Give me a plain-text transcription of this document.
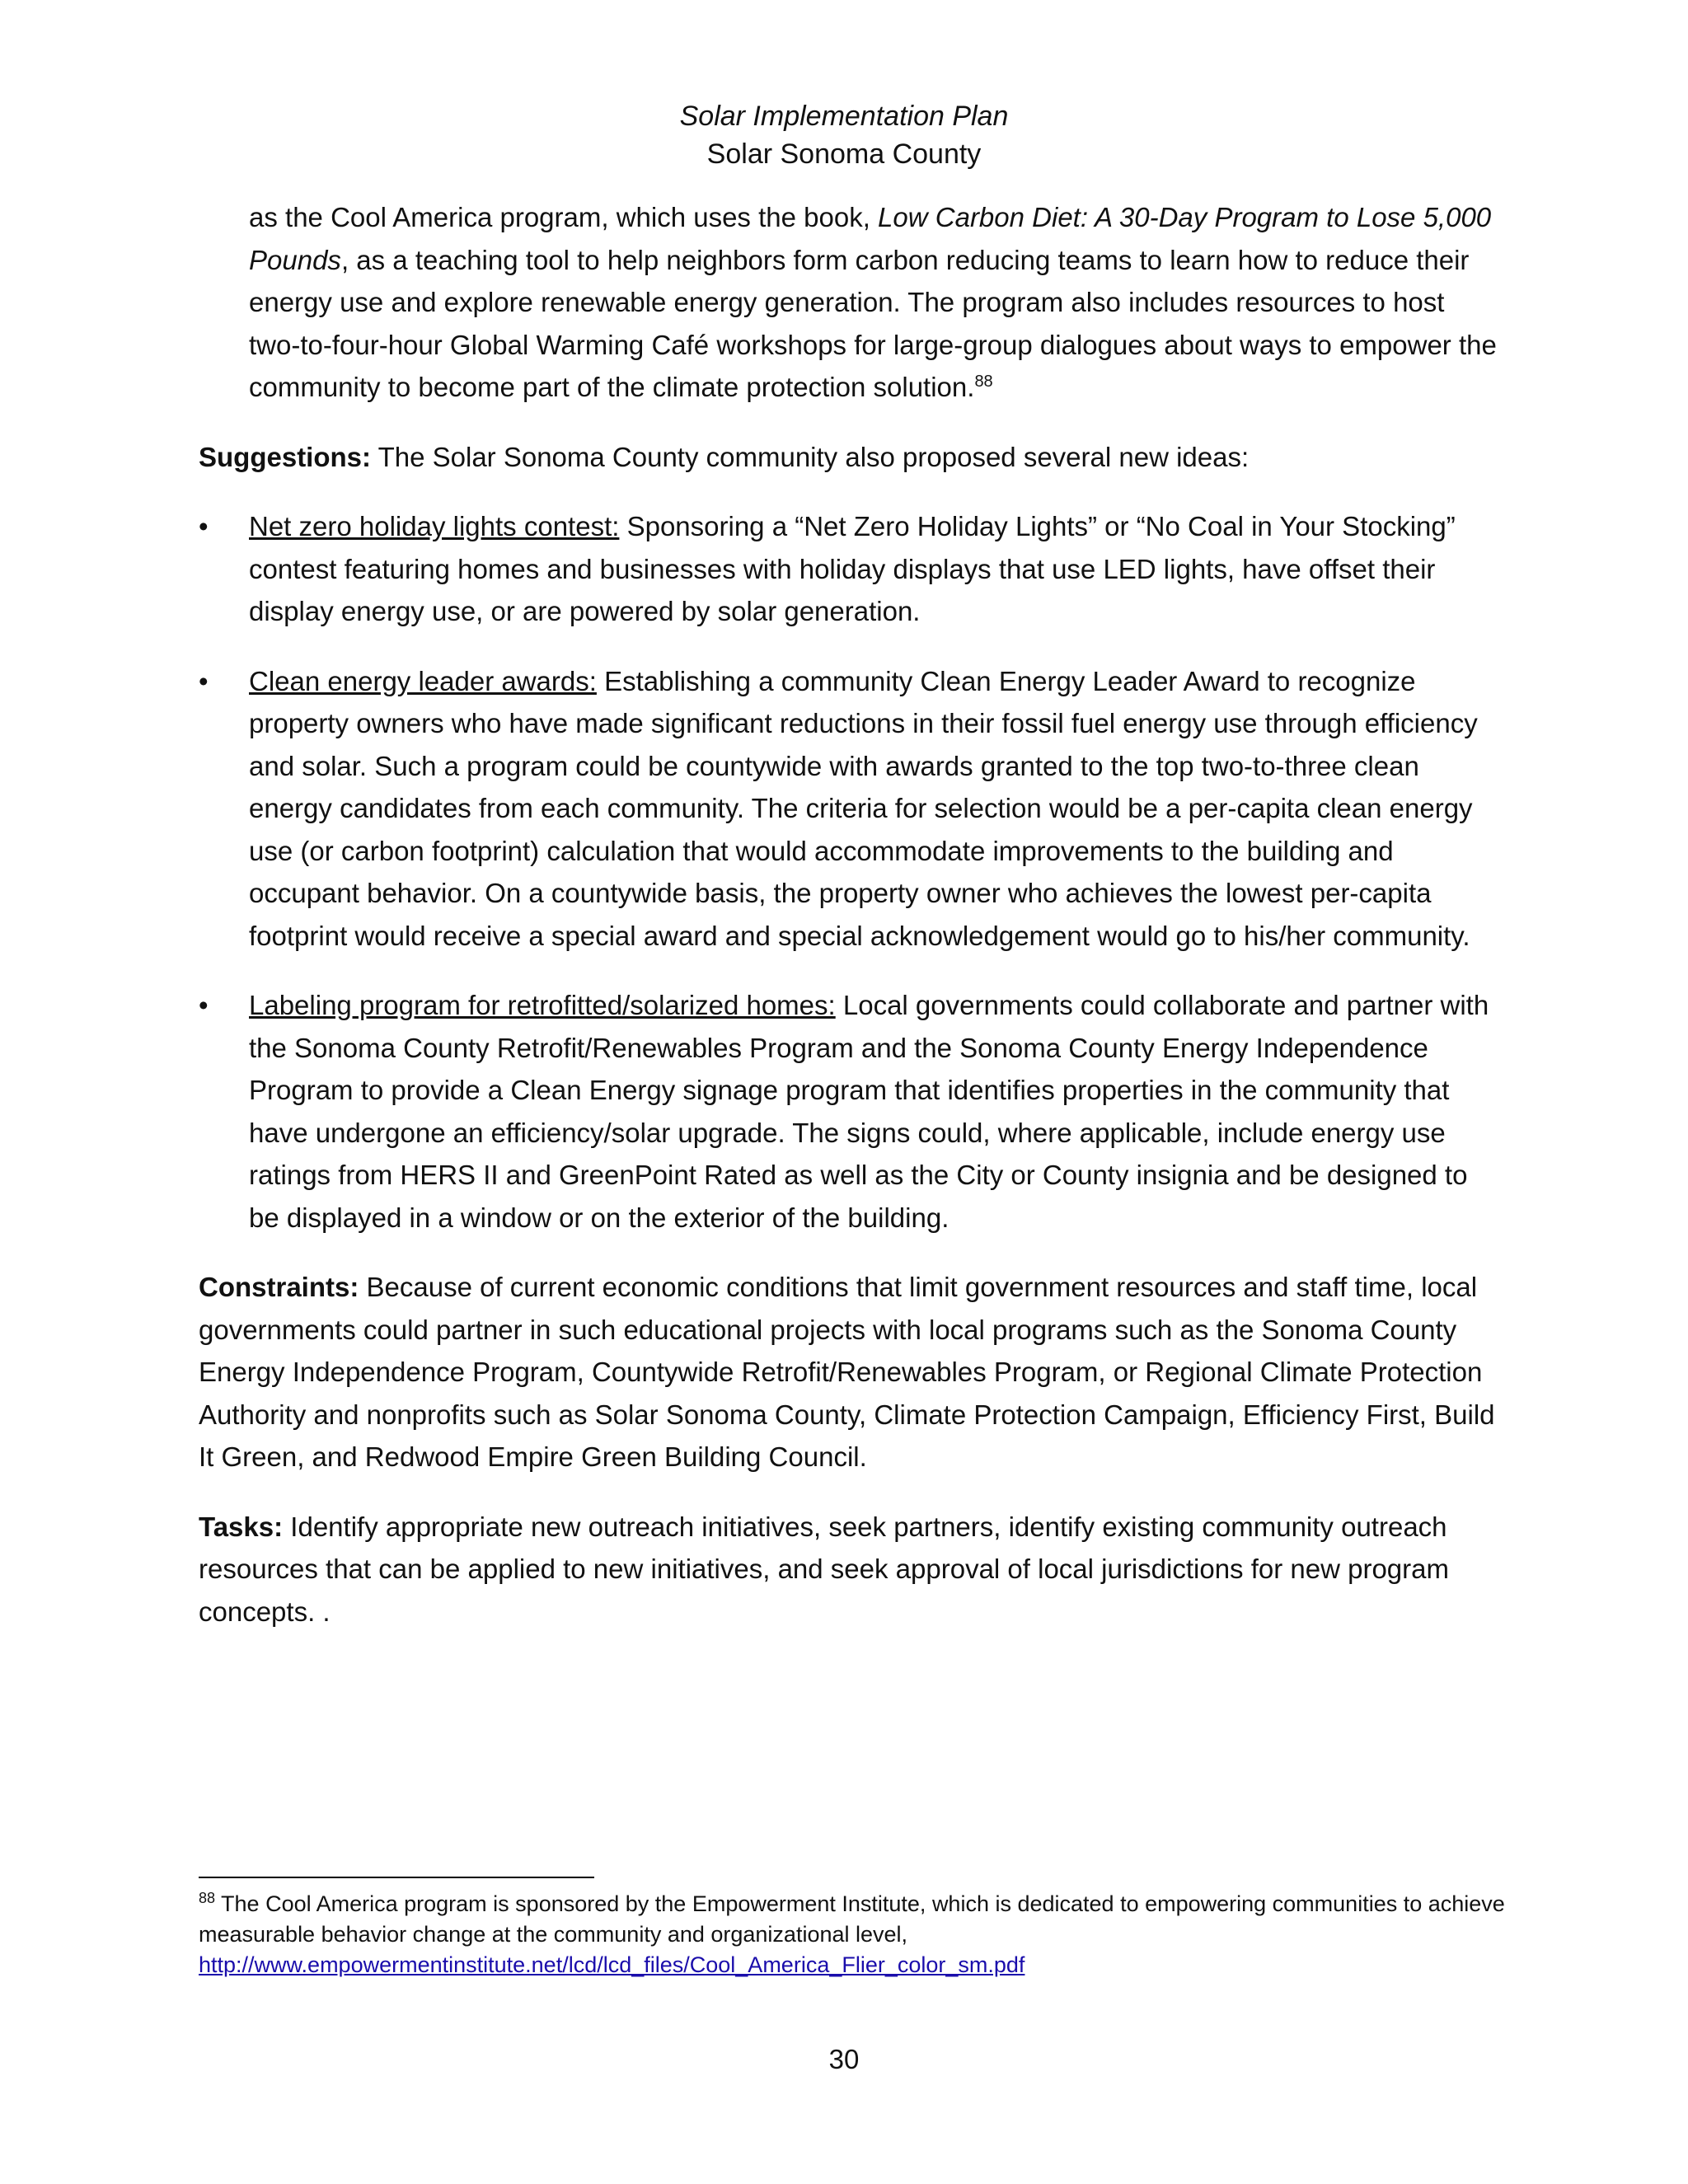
Solar Implementation Plan
Solar Sonoma County

as the Cool America program, which uses the book, Low Carbon Diet: A 30-Day Program to Lose 5,000 Pounds, as a teaching tool to help neighbors form carbon reducing teams to learn how to reduce their energy use and explore renewable energy generation. The program also includes resources to host two-to-four-hour Global Warming Café workshops for large-group dialogues about ways to empower the community to become part of the climate protection solution.$^{88}$

Suggestions: The Solar Sonoma County community also proposed several new ideas:

• Net zero holiday lights contest: Sponsoring a “Net Zero Holiday Lights” or “No Coal in Your Stocking” contest featuring homes and businesses with holiday displays that use LED lights, have offset their display energy use, or are powered by solar generation.
• Clean energy leader awards: Establishing a community Clean Energy Leader Award to recognize property owners who have made significant reductions in their fossil fuel energy use through efficiency and solar. Such a program could be countywide with awards granted to the top two-to-three clean energy candidates from each community. The criteria for selection would be a per-capita clean energy use (or carbon footprint) calculation that would accommodate improvements to the building and occupant behavior. On a countywide basis, the property owner who achieves the lowest per-capita footprint would receive a special award and special acknowledgement would go to his/her community.
• Labeling program for retrofitted/solarized homes: Local governments could collaborate and partner with the Sonoma County Retrofit/Renewables Program and the Sonoma County Energy Independence Program to provide a Clean Energy signage program that identifies properties in the community that have undergone an efficiency/solar upgrade. The signs could, where applicable, include energy use ratings from HERS II and GreenPoint Rated as well as the City or County insignia and be designed to be displayed in a window or on the exterior of the building.

Constraints: Because of current economic conditions that limit government resources and staff time, local governments could partner in such educational projects with local programs such as the Sonoma County Energy Independence Program, Countywide Retrofit/Renewables Program, or Regional Climate Protection Authority and nonprofits such as Solar Sonoma County, Climate Protection Campaign, Efficiency First, Build It Green, and Redwood Empire Green Building Council.

Tasks: Identify appropriate new outreach initiatives, seek partners, identify existing community outreach resources that can be applied to new initiatives, and seek approval of local jurisdictions for new program concepts. .

$^{88}$ The Cool America program is sponsored by the Empowerment Institute, which is dedicated to empowering communities to achieve measurable behavior change at the community and organizational level,
http://www.empowermentinstitute.net/lcd/lcd_files/Cool_America_Flier_color_sm.pdf
30
